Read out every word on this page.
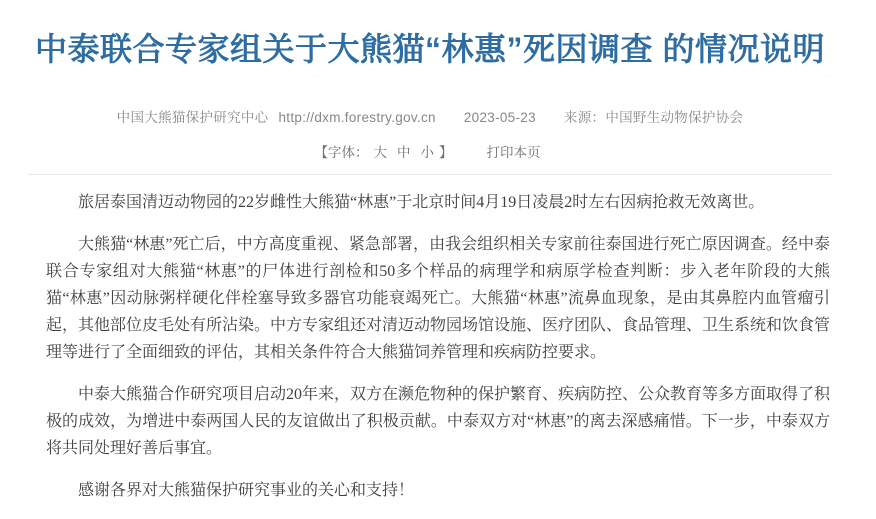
中泰联合专家组关于大熊猫“林惠”死因调查 的情况说明
中国大熊猫保护研究中心 http://dxm.forestry.gov.cn 2023-05-23 来源：中国野生动物保护协会
【字体： 大 中 小 】	打印本页

旅居泰国清迈动物园的22岁雌性大熊猫“林惠”于北京时间4月19日凌晨2时左右因病抢救无效离世。

大熊猫“林惠”死亡后，中方高度重视、紧急部署，由我会组织相关专家前往泰国进行死亡原因调查。经中泰联合专家组对大熊猫“林惠”的尸体进行剖检和50多个样品的病理学和病原学检查判断：步入老年阶段的大熊猫“林惠”因动脉粥样硬化伴栓塞导致多器官功能衰竭死亡。大熊猫“林惠”流鼻血现象，是由其鼻腔内血管瘤引起，其他部位皮毛处有所沾染。中方专家组还对清迈动物园场馆设施、医疗团队、食品管理、卫生系统和饮食管理等进行了全面细致的评估，其相关条件符合大熊猫饲养管理和疾病防控要求。

中泰大熊猫合作研究项目启动20年来，双方在濒危物种的保护繁育、疾病防控、公众教育等多方面取得了积极的成效，为增进中泰两国人民的友谊做出了积极贡献。中泰双方对“林惠”的离去深感痛惜。下一步，中泰双方将共同处理好善后事宜。

感谢各界对大熊猫保护研究事业的关心和支持！
